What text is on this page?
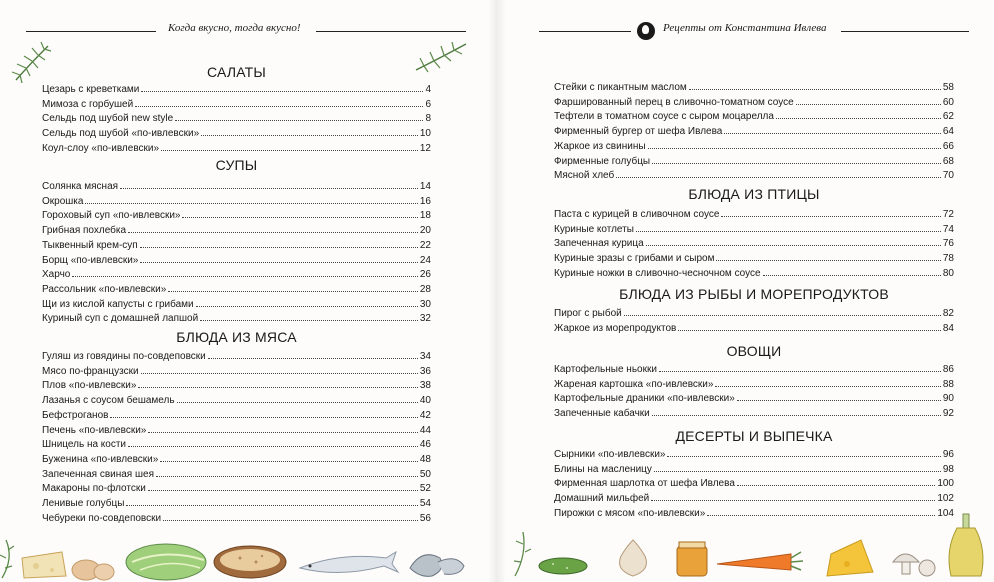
Когда вкусно, тогда вкусно!
САЛАТЫ
Цезарь с креветками	4
Мимоза с горбушей	6
Сельдь под шубой new style	8
Сельдь под шубой «по-ивлевски»	10
Коул-слоу «по-ивлевски»	12
СУПЫ
Солянка мясная	14
Окрошка	16
Гороховый суп «по-ивлевски»	18
Грибная похлебка	20
Тыквенный крем-суп	22
Борщ «по-ивлевски»	24
Харчо	26
Рассольник «по-ивлевски»	28
Щи из кислой капусты с грибами	30
Куриный суп с домашней лапшой	32
БЛЮДА ИЗ МЯСА
Гуляш из говядины по-совдеповски	34
Мясо по-французски	36
Плов «по-ивлевски»	38
Лазанья с соусом бешамель	40
Бефстроганов	42
Печень «по-ивлевски»	44
Шницель на кости	46
Буженина «по-ивлевски»	48
Запеченная свиная шея	50
Макароны по-флотски	52
Ленивые голубцы	54
Чебуреки по-совдеповски	56
Рецепты от Константина Ивлева
Стейки с пикантным маслом	58
Фаршированный перец в сливочно-томатном соусе	60
Тефтели в томатном соусе с сыром моцарелла	62
Фирменный бургер от шефа Ивлева	64
Жаркое из свинины	66
Фирменные голубцы	68
Мясной хлеб	70
БЛЮДА ИЗ ПТИЦЫ
Паста с курицей в сливочном соусе	72
Куриные котлеты	74
Запеченная курица	76
Куриные зразы с грибами и сыром	78
Куриные ножки в сливочно-чесночном соусе	80
БЛЮДА ИЗ РЫБЫ И МОРЕПРОДУКТОВ
Пирог с рыбой	82
Жаркое из морепродуктов	84
ОВОЩИ
Картофельные ньокки	86
Жареная картошка «по-ивлевски»	88
Картофельные драники «по-ивлевски»	90
Запеченные кабачки	92
ДЕСЕРТЫ И ВЫПЕЧКА
Сырники «по-ивлевски»	96
Блины на масленицу	98
Фирменная шарлотка от шефа Ивлева	100
Домашний мильфей	102
Пирожки с мясом «по-ивлевски»	104
